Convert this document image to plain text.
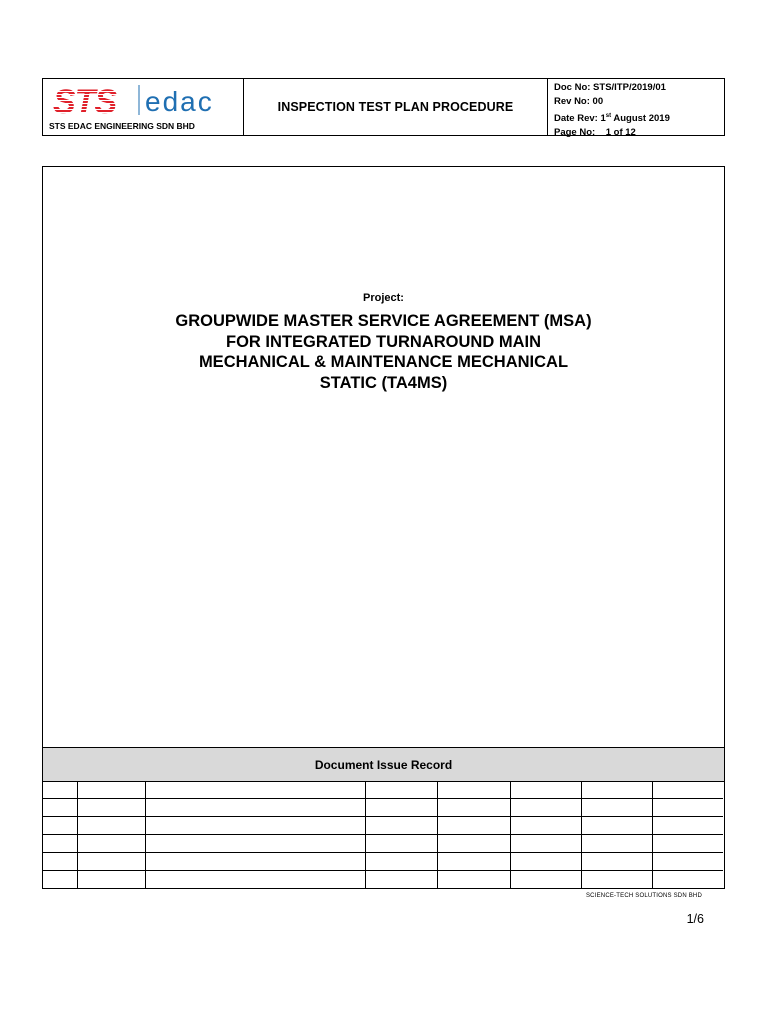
STS edac
STS EDAC ENGINEERING SDN BHD
INSPECTION TEST PLAN PROCEDURE
Doc No: STS/ITP/2019/01
Rev No: 00
Date Rev: 1st August 2019
Page No:    1 of 12
Project:
GROUPWIDE MASTER SERVICE AGREEMENT (MSA)
FOR INTEGRATED TURNAROUND MAIN
MECHANICAL & MAINTENANCE MECHANICAL
STATIC (TA4MS)
Document Issue Record

SCIENCE-TECH SOLUTIONS SDN BHD
1/6
